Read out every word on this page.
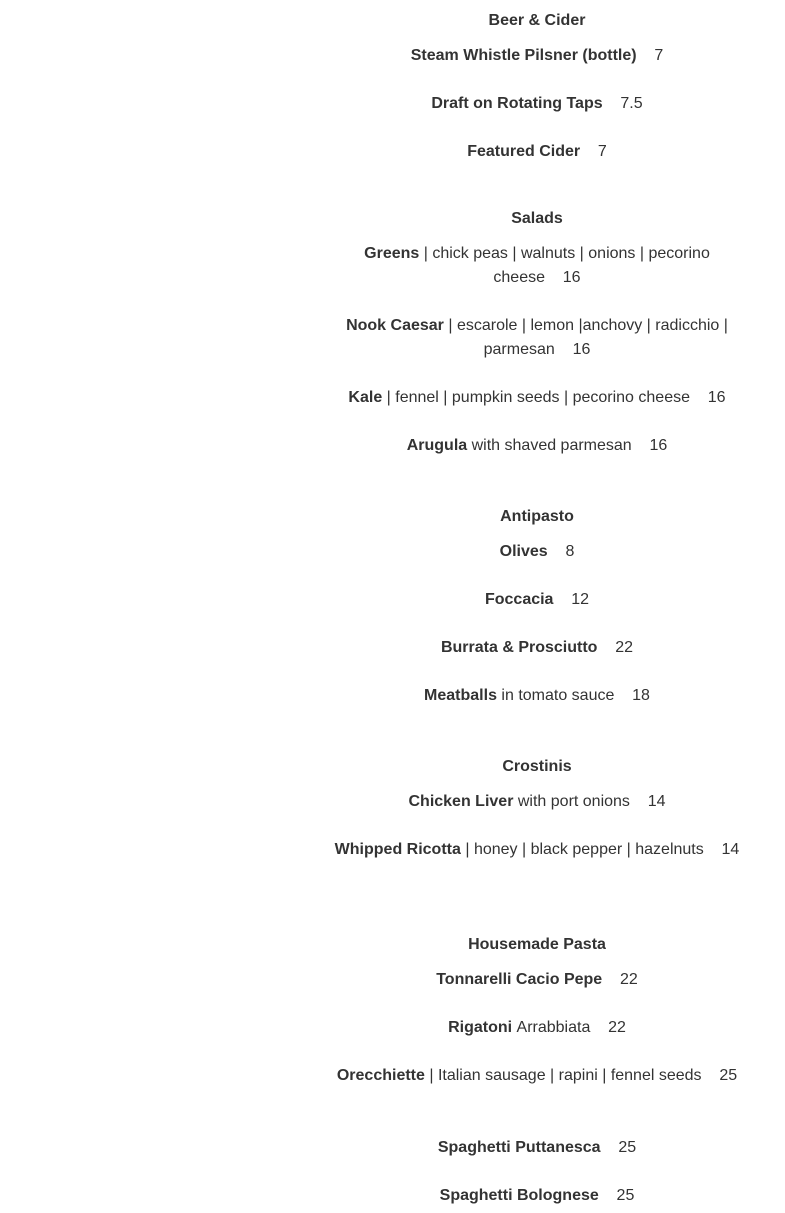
Beer & Cider

Steam Whistle Pilsner (bottle) 7

Draft on Rotating Taps 7.5

Featured Cider 7

Salads

Greens | chick peas | walnuts | onions | pecorino cheese 16

Nook Caesar | escarole | lemon |anchovy | radicchio | parmesan 16

Kale | fennel | pumpkin seeds | pecorino cheese 16

Arugula with shaved parmesan 16

Antipasto

Olives 8

Foccacia 12

Burrata & Prosciutto 22

Meatballs in tomato sauce 18

Crostinis

Chicken Liver with port onions 14

Whipped Ricotta | honey | black pepper | hazelnuts 14

Housemade Pasta

Tonnarelli Cacio Pepe 22

Rigatoni Arrabbiata 22

Orecchiette | Italian sausage | rapini | fennel seeds 25

Spaghetti Puttanesca 25

Spaghetti Bolognese 25
